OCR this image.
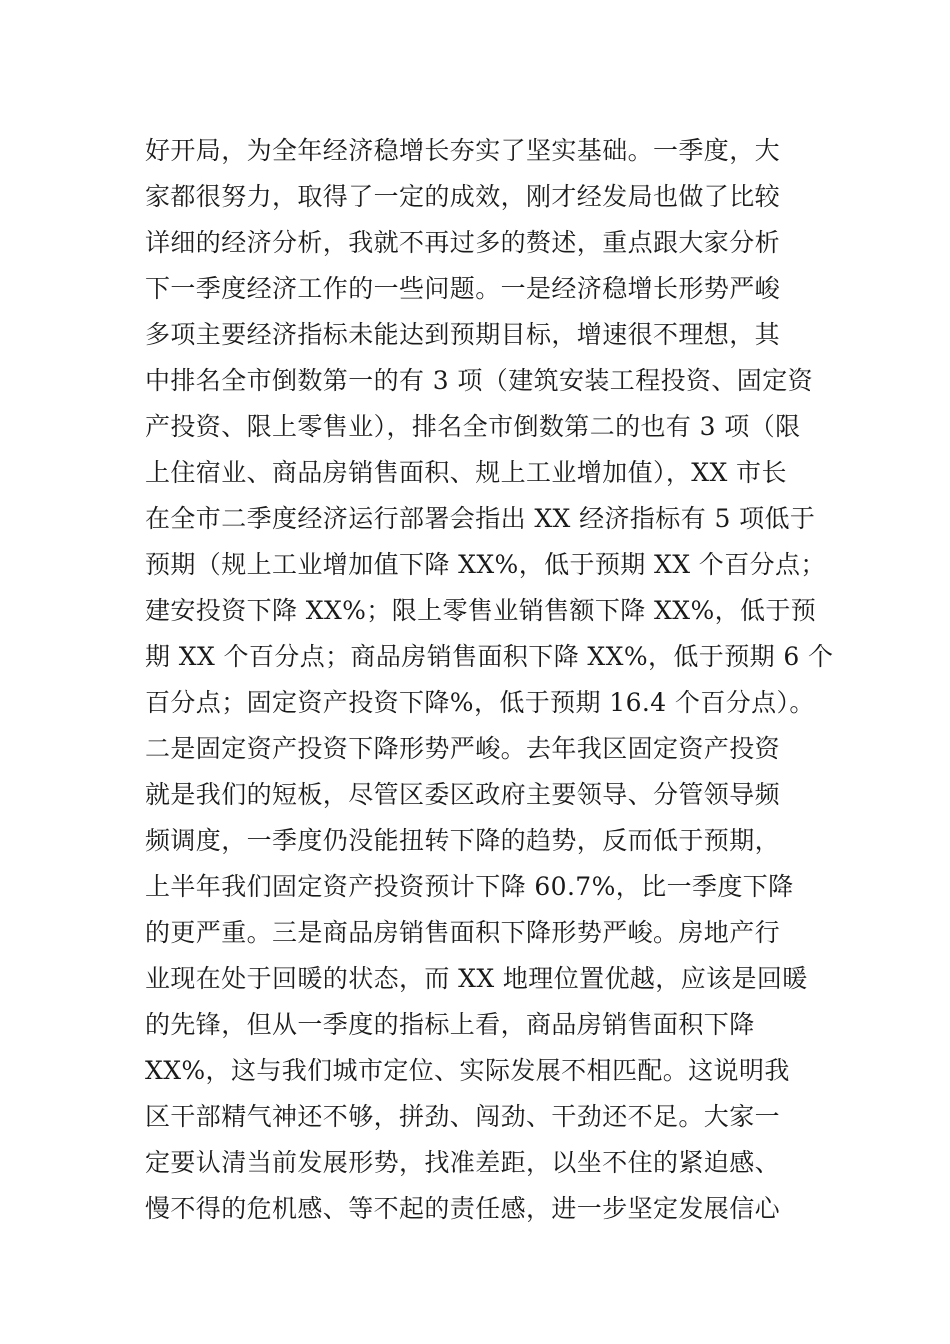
好开局，为全年经济稳增长夯实了坚实基础。一季度，大
家都很努力，取得了一定的成效，刚才经发局也做了比较
详细的经济分析，我就不再过多的赘述，重点跟大家分析
下一季度经济工作的一些问题。一是经济稳增长形势严峻
多项主要经济指标未能达到预期目标，增速很不理想，其
中排名全市倒数第一的有 3 项（建筑安装工程投资、固定资
产投资、限上零售业），排名全市倒数第二的也有 3 项（限
上住宿业、商品房销售面积、规上工业增加值），XX 市长
在全市二季度经济运行部署会指出 XX 经济指标有 5 项低于
预期（规上工业增加值下降 XX%，低于预期 XX 个百分点；
建安投资下降 XX%；限上零售业销售额下降 XX%，低于预
期 XX 个百分点；商品房销售面积下降 XX%，低于预期 6 个
百分点；固定资产投资下降%，低于预期 16.4 个百分点）。
二是固定资产投资下降形势严峻。去年我区固定资产投资
就是我们的短板，尽管区委区政府主要领导、分管领导频
频调度，一季度仍没能扭转下降的趋势，反而低于预期，
上半年我们固定资产投资预计下降 60.7%，比一季度下降
的更严重。三是商品房销售面积下降形势严峻。房地产行
业现在处于回暖的状态，而 XX 地理位置优越，应该是回暖
的先锋，但从一季度的指标上看，商品房销售面积下降
XX%，这与我们城市定位、实际发展不相匹配。这说明我
区干部精气神还不够，拼劲、闯劲、干劲还不足。大家一
定要认清当前发展形势，找准差距，以坐不住的紧迫感、
慢不得的危机感、等不起的责任感，进一步坚定发展信心
